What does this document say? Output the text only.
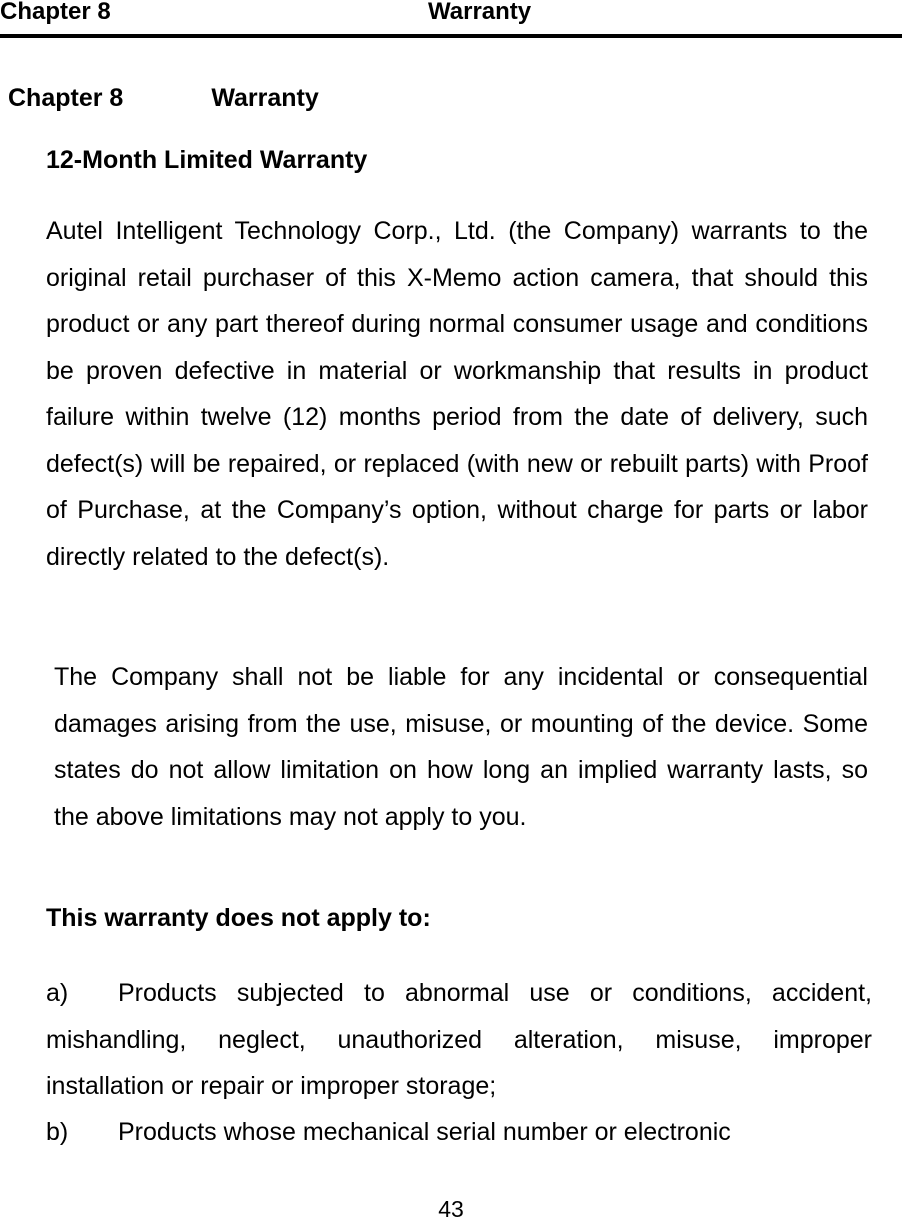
Chapter 8	Warranty
Chapter 8	Warranty
12-Month Limited Warranty
Autel Intelligent Technology Corp., Ltd. (the Company) warrants to the original retail purchaser of this X-Memo action camera, that should this product or any part thereof during normal consumer usage and conditions be proven defective in material or workmanship that results in product failure within twelve (12) months period from the date of delivery, such defect(s) will be repaired, or replaced (with new or rebuilt parts) with Proof of Purchase, at the Company’s option, without charge for parts or labor directly related to the defect(s).
The Company shall not be liable for any incidental or consequential damages arising from the use, misuse, or mounting of the device. Some states do not allow limitation on how long an implied warranty lasts, so the above limitations may not apply to you.
This warranty does not apply to:
a) Products subjected to abnormal use or conditions, accident, mishandling, neglect, unauthorized alteration, misuse, improper installation or repair or improper storage;
b) Products whose mechanical serial number or electronic
43
